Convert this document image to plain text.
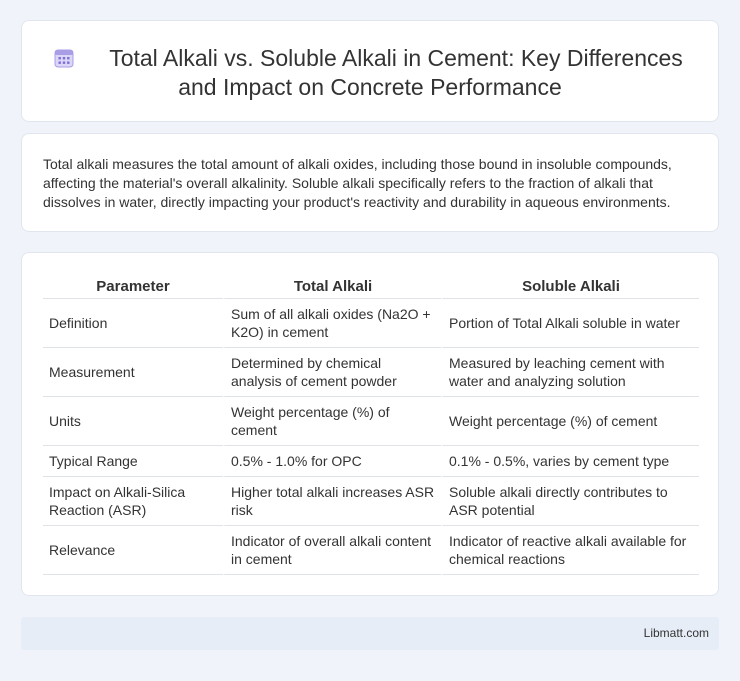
Total Alkali vs. Soluble Alkali in Cement: Key Differences
and Impact on Concrete Performance

Total alkali measures the total amount of alkali oxides, including those bound in insoluble compounds, affecting the material's overall alkalinity. Soluble alkali specifically refers to the fraction of alkali that dissolves in water, directly impacting your product's reactivity and durability in aqueous environments.

Parameter	Total Alkali	Soluble Alkali
Definition	Sum of all alkali oxides (Na2O + K2O) in cement	Portion of Total Alkali soluble in water
Measurement	Determined by chemical analysis of cement powder	Measured by leaching cement with water and analyzing solution
Units	Weight percentage (%) of cement	Weight percentage (%) of cement
Typical Range	0.5% - 1.0% for OPC	0.1% - 0.5%, varies by cement type
Impact on Alkali-Silica Reaction (ASR)	Higher total alkali increases ASR risk	Soluble alkali directly contributes to ASR potential
Relevance	Indicator of overall alkali content in cement	Indicator of reactive alkali available for chemical reactions
Libmatt.com
